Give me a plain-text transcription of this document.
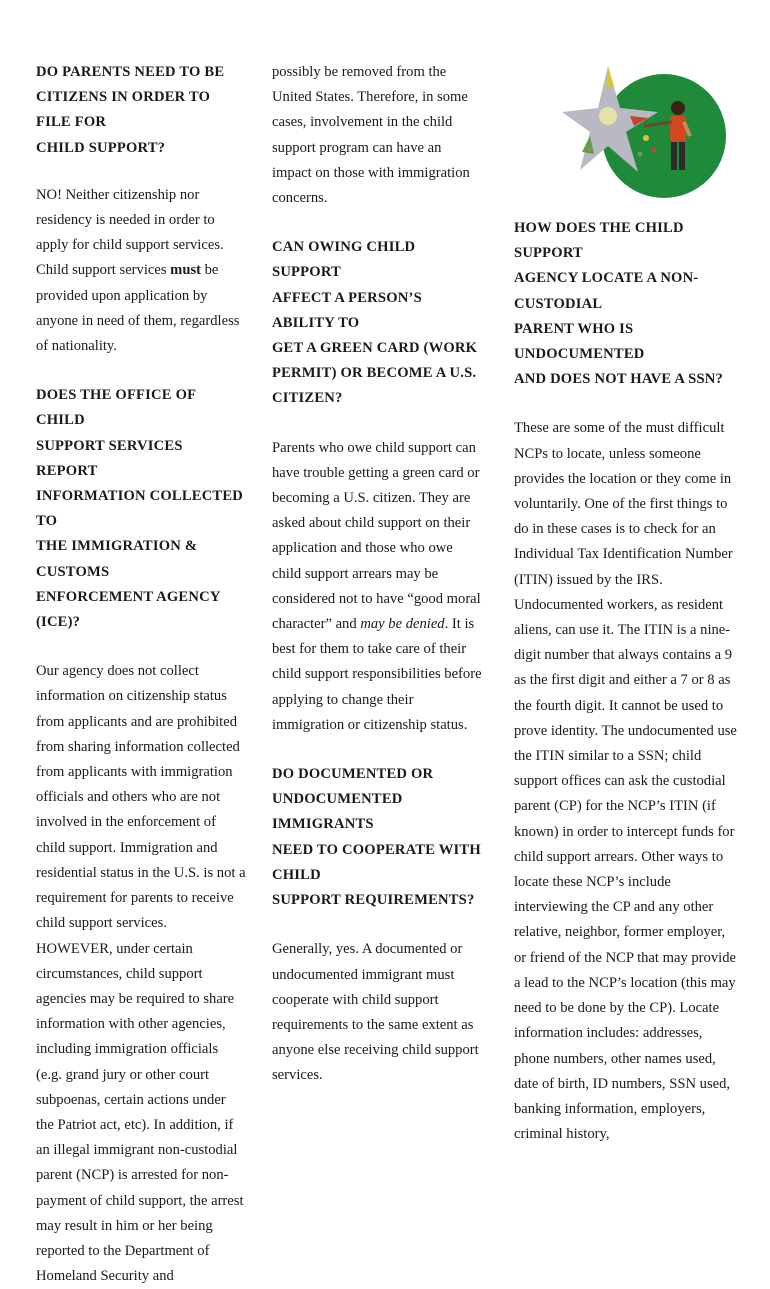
DO PARENTS NEED TO BE
CITIZENS IN ORDER TO FILE FOR
CHILD SUPPORT?

NO! Neither citizenship nor residency is needed in order to apply for child support services. Child support services must be provided upon application by anyone in need of them, regardless of nationality.

DOES THE OFFICE OF CHILD
SUPPORT SERVICES REPORT
INFORMATION COLLECTED TO
THE IMMIGRATION & CUSTOMS
ENFORCEMENT AGENCY (ICE)?

Our agency does not collect information on citizenship status from applicants and are prohibited from sharing information collected from applicants with immigration officials and others who are not involved in the enforcement of child support. Immigration and residential status in the U.S. is not a requirement for parents to receive child support services. HOWEVER, under certain circumstances, child support agencies may be required to share information with other agencies, including immigration officials (e.g. grand jury or other court subpoenas, certain actions under the Patriot act, etc). In addition, if an illegal immigrant non-custodial parent (NCP) is arrested for non-payment of child support, the arrest may result in him or her being reported to the Department of Homeland Security and

possibly be removed from the United States. Therefore, in some cases, involvement in the child support program can have an impact on those with immigration concerns.

CAN OWING CHILD SUPPORT
AFFECT A PERSON’S ABILITY TO
GET A GREEN CARD (WORK
PERMIT) OR BECOME A U.S.
CITIZEN?

Parents who owe child support can have trouble getting a green card or becoming a U.S. citizen. They are asked about child support on their application and those who owe child support arrears may be considered not to have “good moral character” and may be denied. It is best for them to take care of their child support responsibilities before applying to change their immigration or citizenship status.

DO DOCUMENTED OR
UNDOCUMENTED IMMIGRANTS
NEED TO COOPERATE WITH CHILD
SUPPORT REQUIREMENTS?

Generally, yes. A documented or undocumented immigrant must cooperate with child support requirements to the same extent as anyone else receiving child support services.

HOW DOES THE CHILD SUPPORT
AGENCY LOCATE A NON-CUSTODIAL
PARENT WHO IS UNDOCUMENTED
AND DOES NOT HAVE A SSN?

These are some of the must difficult NCPs to locate, unless someone provides the location or they come in voluntarily. One of the first things to do in these cases is to check for an Individual Tax Identification Number (ITIN) issued by the IRS. Undocumented workers, as resident aliens, can use it. The ITIN is a nine-digit number that always contains a 9 as the first digit and either a 7 or 8 as the fourth digit. It cannot be used to prove identity. The undocumented use the ITIN similar to a SSN; child support offices can ask the custodial parent (CP) for the NCP’s ITIN (if known) in order to intercept funds for child support arrears. Other ways to locate these NCP’s include interviewing the CP and any other relative, neighbor, former employer, or friend of the NCP that may provide a lead to the NCP’s location (this may need to be done by the CP). Locate information includes: addresses, phone numbers, other names used, date of birth, ID numbers, SSN used, banking information, employers, criminal history,
